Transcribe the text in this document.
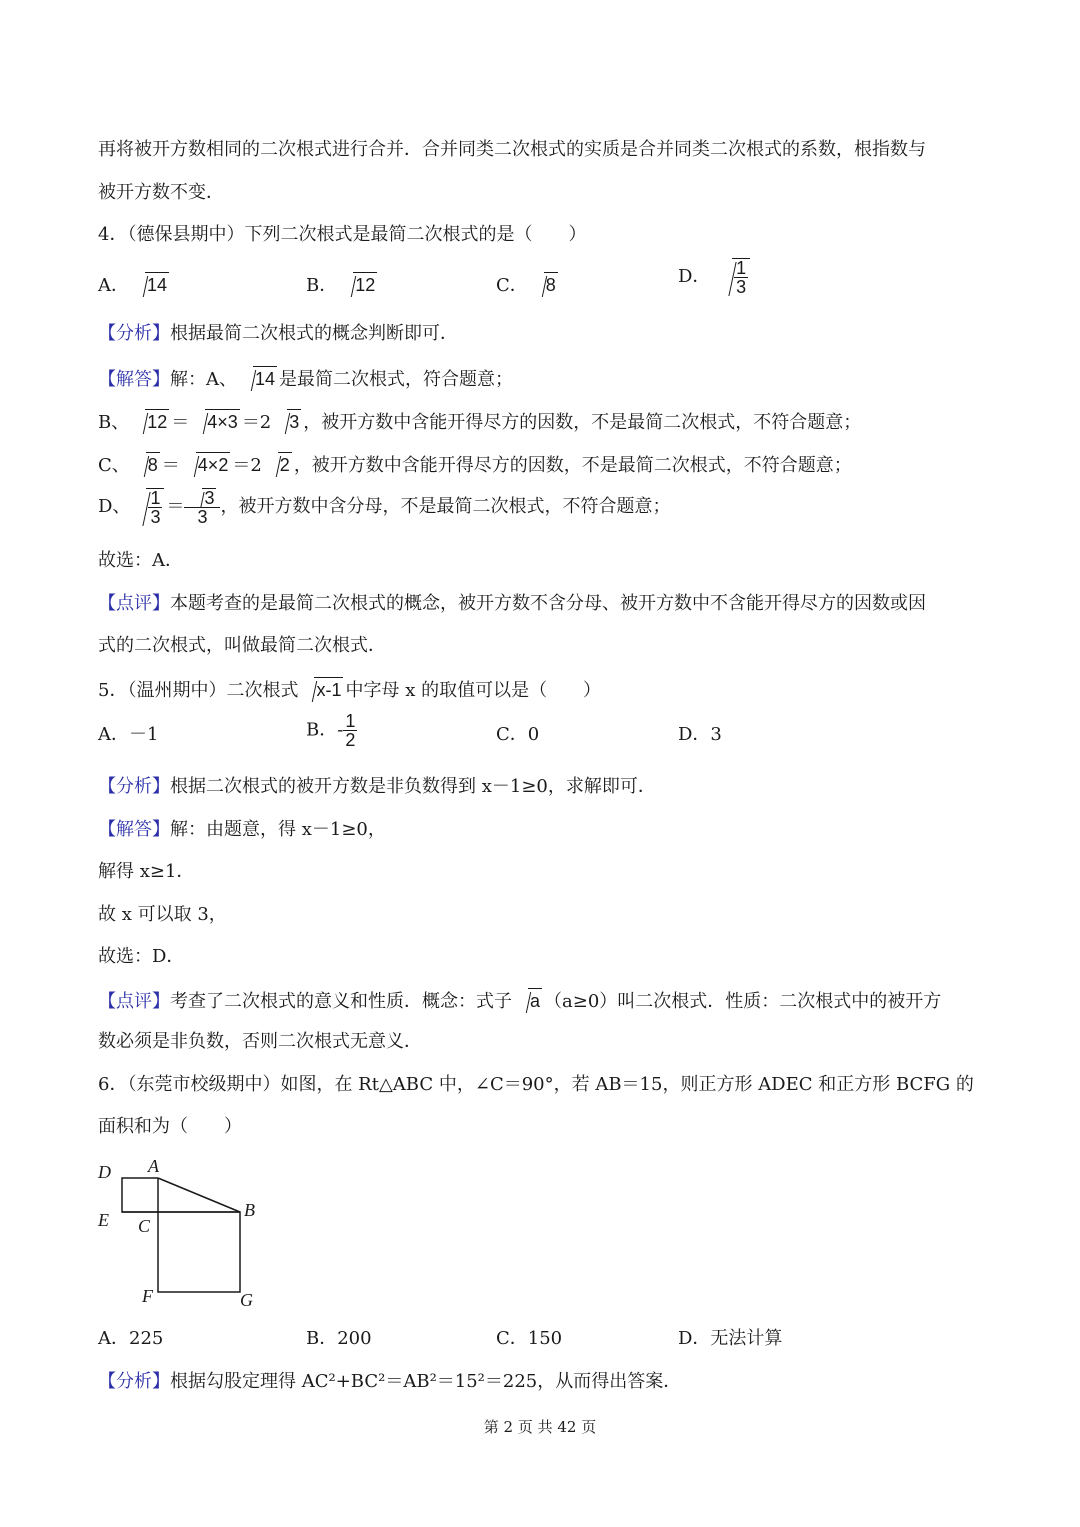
再将被开方数相同的二次根式进行合并．合并同类二次根式的实质是合并同类二次根式的系数，根指数与
被开方数不变．
4．（德保县期中）下列二次根式是最简二次根式的是（　　）
A． 14	B． 12	C． 8	D． $\frac{1}{3}$
【分析】根据最简二次根式的概念判断即可．
【解答】解：A、 14 是最简二次根式，符合题意；
B、 12 ＝ 4×3 ＝2 3 ，被开方数中含能开得尽方的因数，不是最简二次根式，不符合题意；
C、 8 ＝ 4×2 ＝2 2 ，被开方数中含能开得尽方的因数，不是最简二次根式，不符合题意；
D、 $\frac{1}{3} = \frac{3}{3}$ ，被开方数中含分母，不是最简二次根式，不符合题意；
故选：A．
【点评】本题考查的是最简二次根式的概念，被开方数不含分母、被开方数中不含能开得尽方的因数或因
式的二次根式，叫做最简二次根式．
5．（温州期中）二次根式 x-1 中字母 x 的取值可以是（　　）
A．－1	B．- $\frac{1}{2}$	C．0	D．3
【分析】根据二次根式的被开方数是非负数得到 x－1≥0，求解即可．
【解答】解：由题意，得 x－1≥0，
解得 x≥1．
故 x 可以取 3，
故选：D．
【点评】考查了二次根式的意义和性质．概念：式子 a （a≥0）叫二次根式．性质：二次根式中的被开方
数必须是非负数，否则二次根式无意义．
6．（东莞市校级期中）如图，在 Rt△ABC 中，∠C＝90°，若 AB＝15，则正方形 ADEC 和正方形 BCFG 的
面积和为（　　）
D A
E C
B
F	G
A．225	B．200	C．150	D．无法计算
【分析】根据勾股定理得 AC²+BC²＝AB²＝15²＝225，从而得出答案．
第 2 页 共 42 页
